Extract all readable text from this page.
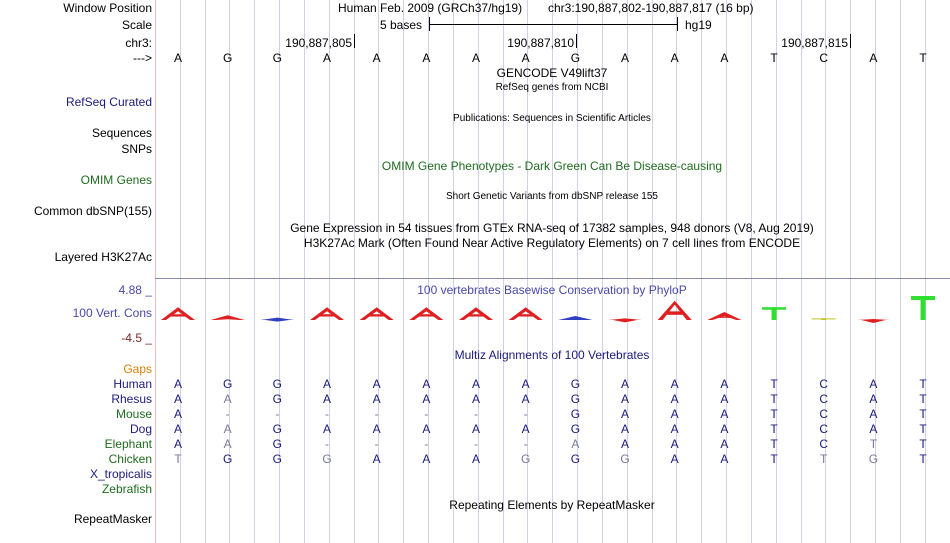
Window Position
Scale
chr3:
--->
RefSeq Curated
Sequences
SNPs
OMIM Genes
Common dbSNP(155)
Layered H3K27Ac
4.88 _
100 Vert. Cons
-4.5 _
Gaps
RepeatMasker
Human Feb. 2009 (GRCh37/hg19) chr3:190,887,802-190,887,817 (16 bp)
5 bases	hg19
190,887,805	190,887,810	190,887,815
A	G	G	A	A	A	A	A	G	A	A	A	T	C	A	T
GENCODE V49lift37
RefSeq genes from NCBI
Publications: Sequences in Scientific Articles
OMIM Gene Phenotypes - Dark Green Can Be Disease-causing
Short Genetic Variants from dbSNP release 155
Gene Expression in 54 tissues from GTEx RNA-seq of 17382 samples, 948 donors (V8, Aug 2019)
H3K27Ac Mark (Often Found Near Active Regulatory Elements) on 7 cell lines from ENCODE
100 vertebrates Basewise Conservation by PhyloP
Multiz Alignments of 100 Vertebrates
Repeating Elements by RepeatMasker
Human A	G	G	A	A	A	A	A	G	A	A	A	T	C	A	T
Rhesus A	A	G	A	A	A	A	A	G	A	A	A	T	C	A	T
Mouse A	-	-	-	-	-	-	-	G	A	A	A	T	C	A	T
Dog A	A	G	A	A	A	A	A	G	A	A	A	T	C	A	T
Elephant A	A	G	-	-	-	-	-	A	A	A	A	T	C	T	T
Chicken T	G	G	G	A	A	A	G	G	G	A	A	T	T	G	T
X_tropicalis
Zebrafish
